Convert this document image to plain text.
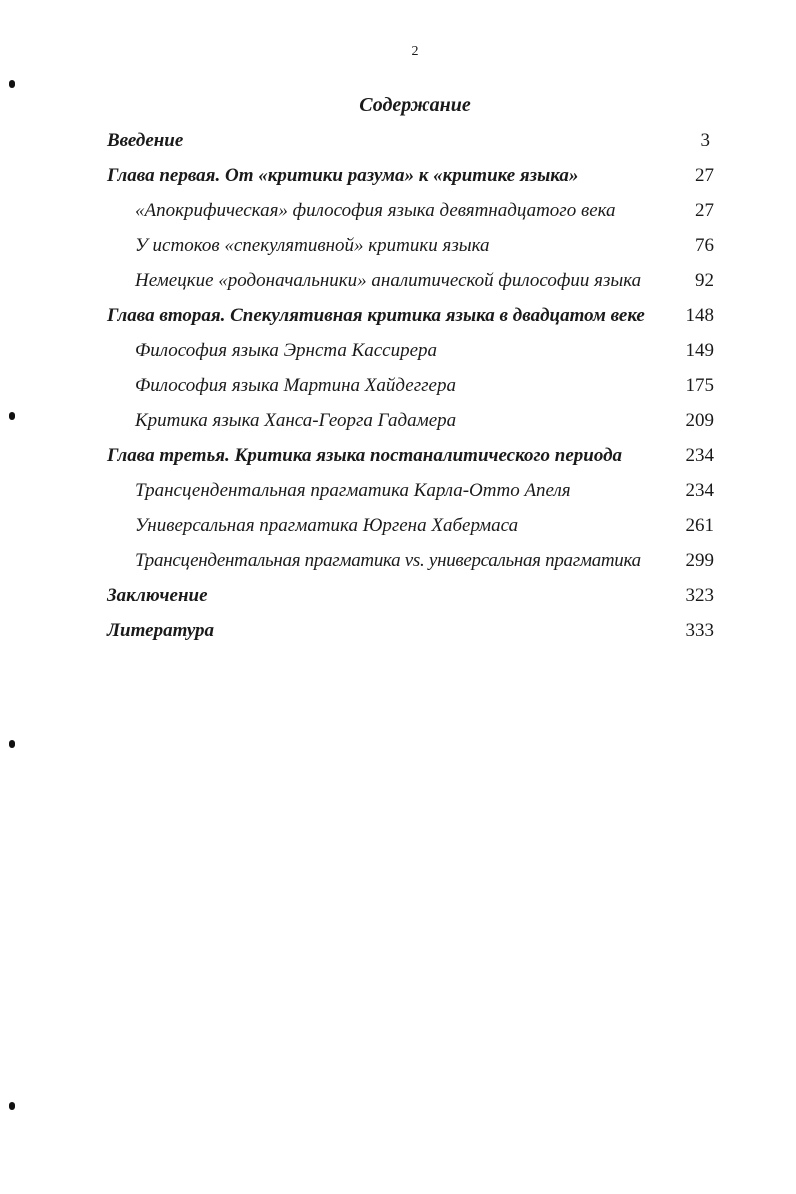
2
Содержание
Введение	3
Глава первая. От «критики разума» к «критике языка»	27
«Апокрифическая» философия языка девятнадцатого века	27
У истоков «спекулятивной» критики языка	76
Немецкие «родоначальники» аналитической философии языка	92
Глава вторая. Спекулятивная критика языка в двадцатом веке 148
Философия языка Эрнста Кассирера	149
Философия языка Мартина Хайдеггера	175
Критика языка Ханса-Георга Гадамера	209
Глава третья. Критика языка постаналитического периода	234
Трансцендентальная прагматика Карла-Отто Апеля	234
Универсальная прагматика Юргена Хабермаса	261
Трансцендентальная прагматика vs. универсальная прагматика 299
Заключение	323
Литература	333
